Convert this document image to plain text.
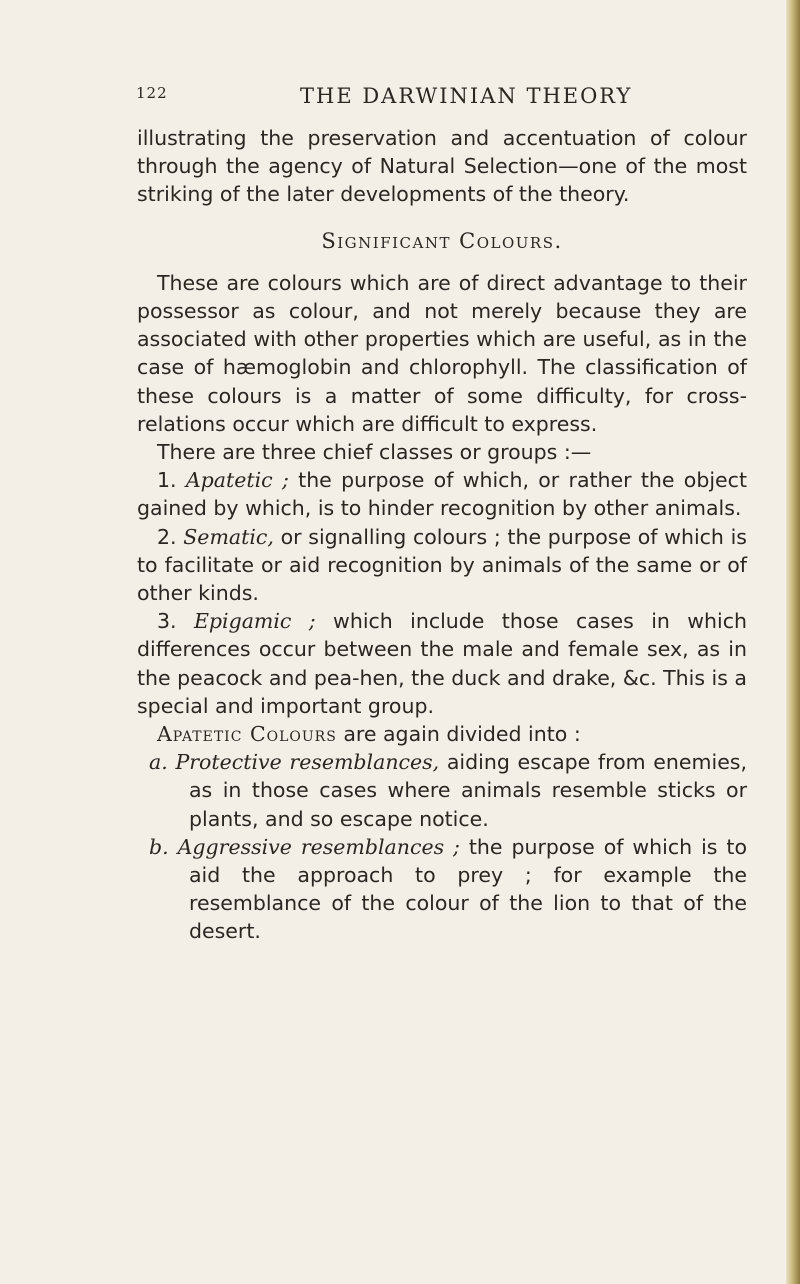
122	THE DARWINIAN THEORY

illustrating the preservation and accentuation of colour through the agency of Natural Selection—one of the most striking of the later developments of the theory.

Significant Colours.

These are colours which are of direct advantage to their possessor as colour, and not merely because they are associated with other properties which are useful, as in the case of hæmoglobin and chlorophyll. The classification of these colours is a matter of some difficulty, for cross-relations occur which are difficult to express.

There are three chief classes or groups :—

1. Apatetic ; the purpose of which, or rather the object gained by which, is to hinder recognition by other animals.

2. Sematic, or signalling colours ; the purpose of which is to facilitate or aid recognition by animals of the same or of other kinds.

3. Epigamic ; which include those cases in which differences occur between the male and female sex, as in the peacock and pea-hen, the duck and drake, &c. This is a special and important group.

Apatetic Colours are again divided into :

a. Protective resemblances, aiding escape from enemies, as in those cases where animals resemble sticks or plants, and so escape notice.

b. Aggressive resemblances ; the purpose of which is to aid the approach to prey ; for example the resemblance of the colour of the lion to that of the desert.
